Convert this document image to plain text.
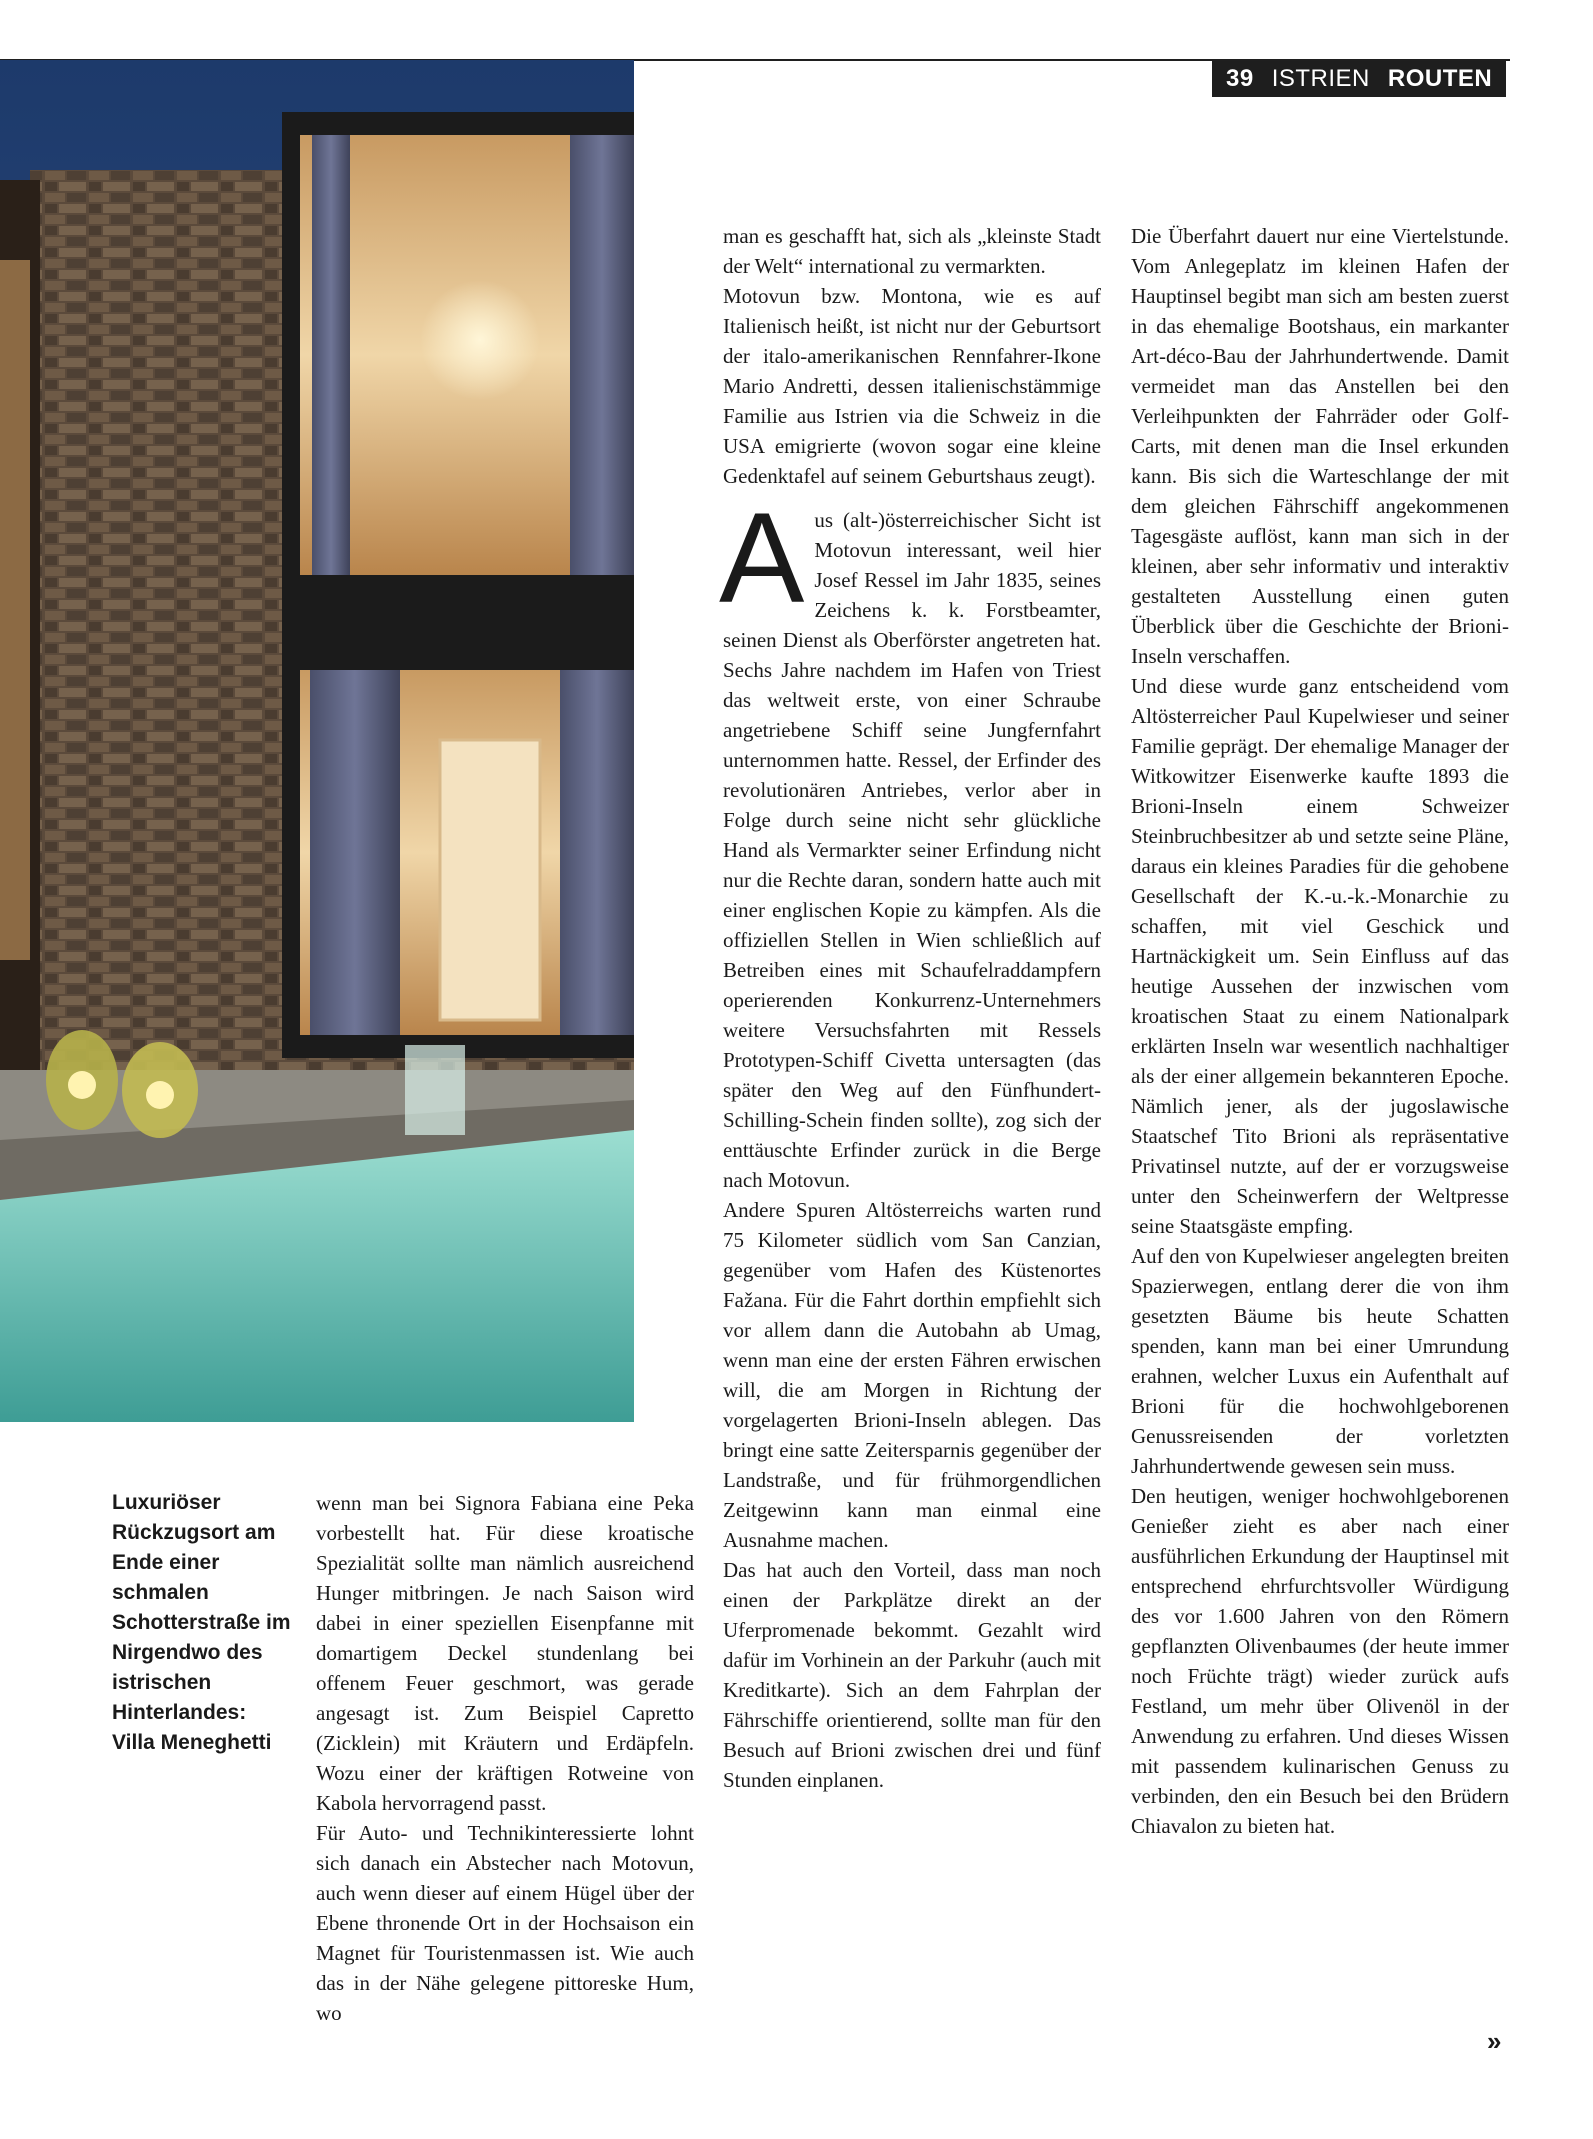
39 ISTRIEN ROUTEN
Luxuriöser Rückzugsort am Ende einer schmalen Schotterstraße im Nirgendwo des istrischen Hinterlandes: Villa Meneghetti

wenn man bei Signora Fabiana eine Peka vorbestellt hat. Für diese kroatische Spezialität sollte man nämlich ausreichend Hunger mitbringen. Je nach Saison wird dabei in einer speziellen Eisenpfanne mit domartigem Deckel stundenlang bei offenem Feuer geschmort, was gerade angesagt ist. Zum Beispiel Capretto (Zicklein) mit Kräutern und Erdäpfeln. Wozu einer der kräftigen Rotweine von Kabola hervorragend passt.

Für Auto- und Technikinteressierte lohnt sich danach ein Abstecher nach Motovun, auch wenn dieser auf einem Hügel über der Ebene thronende Ort in der Hochsaison ein Magnet für Touristenmassen ist. Wie auch das in der Nähe gelegene pittoreske Hum, wo

man es geschafft hat, sich als „kleinste Stadt der Welt“ international zu vermarkten.

Motovun bzw. Montona, wie es auf Italienisch heißt, ist nicht nur der Geburtsort der italo-amerikanischen Rennfahrer-Ikone Mario Andretti, dessen italienischstämmige Familie aus Istrien via die Schweiz in die USA emigrierte (wovon sogar eine kleine Gedenktafel auf seinem Geburtshaus zeugt).

Aus (alt-)österreichischer Sicht ist Motovun interessant, weil hier Josef Ressel im Jahr 1835, seines Zeichens k. k. Forstbeamter, seinen Dienst als Oberförster angetreten hat. Sechs Jahre nachdem im Hafen von Triest das weltweit erste, von einer Schraube angetriebene Schiff seine Jungfernfahrt unternommen hatte. Ressel, der Erfinder des revolutionären Antriebes, verlor aber in Folge durch seine nicht sehr glückliche Hand als Vermarkter seiner Erfindung nicht nur die Rechte daran, sondern hatte auch mit einer englischen Kopie zu kämpfen. Als die offiziellen Stellen in Wien schließlich auf Betreiben eines mit Schaufelraddampfern operierenden Konkurrenz-Unternehmers weitere Versuchsfahrten mit Ressels Prototypen-Schiff Civetta untersagten (das später den Weg auf den Fünfhundert-Schilling-Schein finden sollte), zog sich der enttäuschte Erfinder zurück in die Berge nach Motovun.

Andere Spuren Altösterreichs warten rund 75 Kilometer südlich vom San Canzian, gegenüber vom Hafen des Küstenortes Fažana. Für die Fahrt dorthin empfiehlt sich vor allem dann die Autobahn ab Umag, wenn man eine der ersten Fähren erwischen will, die am Morgen in Richtung der vorgelagerten Brioni-Inseln ablegen. Das bringt eine satte Zeitersparnis gegenüber der Landstraße, und für frühmorgendlichen Zeitgewinn kann man einmal eine Ausnahme machen.

Das hat auch den Vorteil, dass man noch einen der Parkplätze direkt an der Uferpromenade bekommt. Gezahlt wird dafür im Vorhinein an der Parkuhr (auch mit Kreditkarte). Sich an dem Fahrplan der Fährschiffe orientierend, sollte man für den Besuch auf Brioni zwischen drei und fünf Stunden einplanen.

Die Überfahrt dauert nur eine Viertelstunde. Vom Anlegeplatz im kleinen Hafen der Hauptinsel begibt man sich am besten zuerst in das ehemalige Bootshaus, ein markanter Art-déco-Bau der Jahrhundertwende. Damit vermeidet man das Anstellen bei den Verleihpunkten der Fahrräder oder Golf-Carts, mit denen man die Insel erkunden kann. Bis sich die Warteschlange der mit dem gleichen Fährschiff angekommenen Tagesgäste auflöst, kann man sich in der kleinen, aber sehr informativ und interaktiv gestalteten Ausstellung einen guten Überblick über die Geschichte der Brioni-Inseln verschaffen.

Und diese wurde ganz entscheidend vom Altösterreicher Paul Kupelwieser und seiner Familie geprägt. Der ehemalige Manager der Witkowitzer Eisenwerke kaufte 1893 die Brioni-Inseln einem Schweizer Steinbruchbesitzer ab und setzte seine Pläne, daraus ein kleines Paradies für die gehobene Gesellschaft der K.-u.-k.-Monarchie zu schaffen, mit viel Geschick und Hartnäckigkeit um. Sein Einfluss auf das heutige Aussehen der inzwischen vom kroatischen Staat zu einem Nationalpark erklärten Inseln war wesentlich nachhaltiger als der einer allgemein bekannteren Epoche. Nämlich jener, als der jugoslawische Staatschef Tito Brioni als repräsentative Privatinsel nutzte, auf der er vorzugsweise unter den Scheinwerfern der Weltpresse seine Staatsgäste empfing.

Auf den von Kupelwieser angelegten breiten Spazierwegen, entlang derer die von ihm gesetzten Bäume bis heute Schatten spenden, kann man bei einer Umrundung erahnen, welcher Luxus ein Aufenthalt auf Brioni für die hochwohlgeborenen Genussreisenden der vorletzten Jahrhundertwende gewesen sein muss.

Den heutigen, weniger hochwohlgeborenen Genießer zieht es aber nach einer ausführlichen Erkundung der Hauptinsel mit entsprechend ehrfurchtsvoller Würdigung des vor 1.600 Jahren von den Römern gepflanzten Olivenbaumes (der heute immer noch Früchte trägt) wieder zurück aufs Festland, um mehr über Olivenöl in der Anwendung zu erfahren. Und dieses Wissen mit passendem kulinarischen Genuss zu verbinden, den ein Besuch bei den Brüdern Chiavalon zu bieten hat.

»
